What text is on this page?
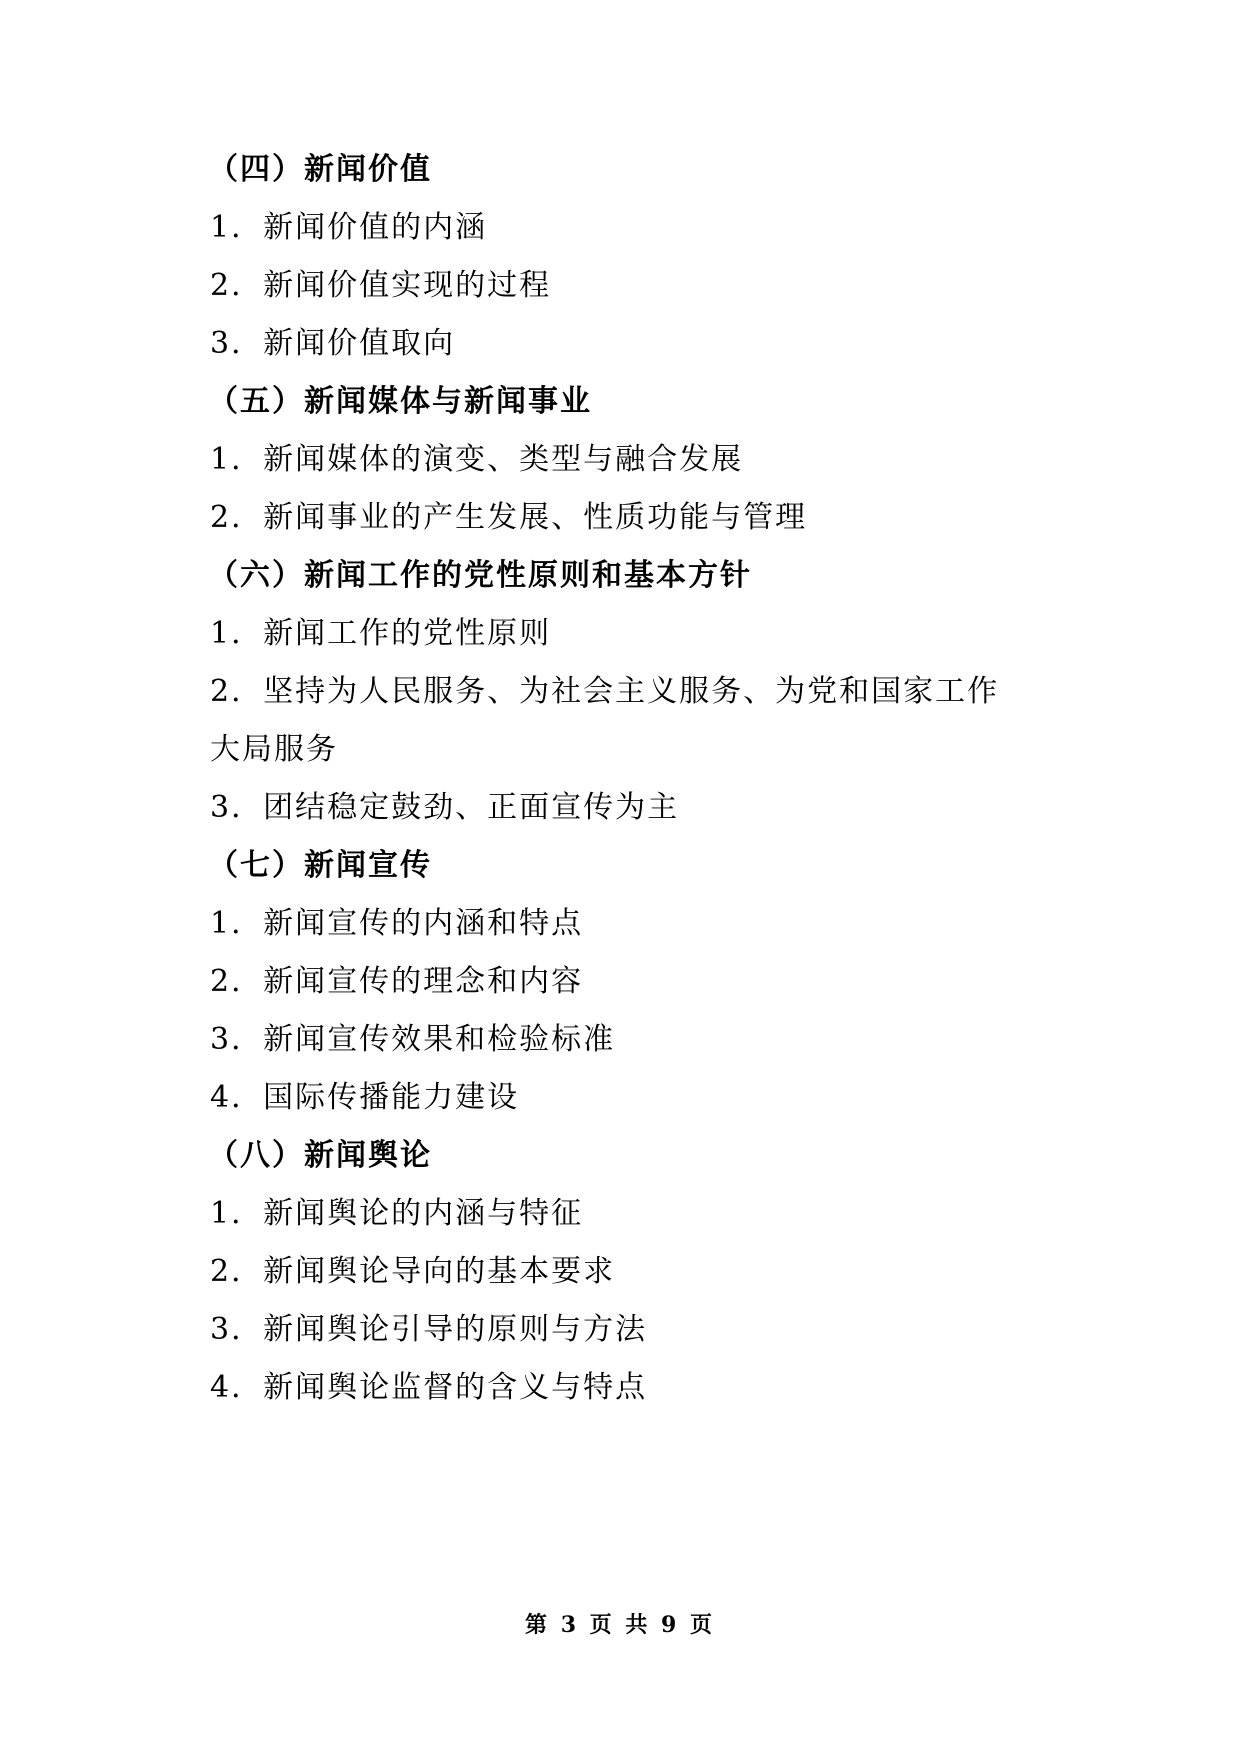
（四）新闻价值
1．新闻价值的内涵
2．新闻价值实现的过程
3．新闻价值取向
（五）新闻媒体与新闻事业
1．新闻媒体的演变、类型与融合发展
2．新闻事业的产生发展、性质功能与管理
（六）新闻工作的党性原则和基本方针
1．新闻工作的党性原则
2．坚持为人民服务、为社会主义服务、为党和国家工作
大局服务
3．团结稳定鼓劲、正面宣传为主
（七）新闻宣传
1．新闻宣传的内涵和特点
2．新闻宣传的理念和内容
3．新闻宣传效果和检验标准
4．国际传播能力建设
（八）新闻舆论
1．新闻舆论的内涵与特征
2．新闻舆论导向的基本要求
3．新闻舆论引导的原则与方法
4．新闻舆论监督的含义与特点
第 3 页 共 9 页
